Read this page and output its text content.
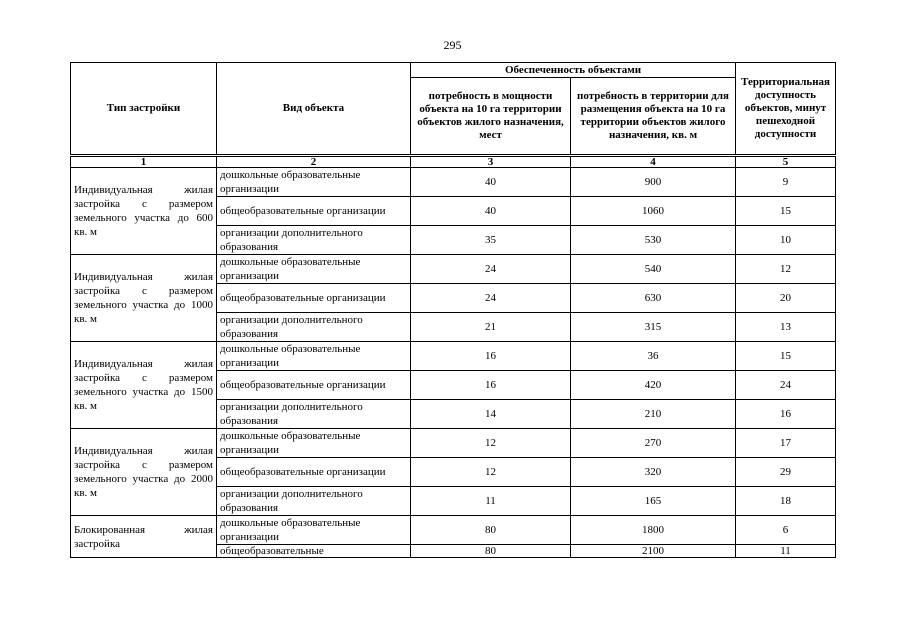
295
Тип застройки	Вид объекта	Обеспеченность объектами		Территориальная доступность объектов, минут пешеходной доступности
		потребность в мощности объекта на 10 га территории объектов жилого назначения, мест	потребность в территории для размещения объекта на 10 га территории объектов жилого назначения, кв. м	
1	2	3	4	5
Индивидуальная жилая застройка с размером земельного участка до 600 кв. м	дошкольные образовательные организации	40	900	9
	общеобразовательные организации	40	1060	15
	организации дополнительного образования	35	530	10
Индивидуальная жилая застройка с размером земельного участка до 1000 кв. м	дошкольные образовательные организации	24	540	12
	общеобразовательные организации	24	630	20
	организации дополнительного образования	21	315	13
Индивидуальная жилая застройка с размером земельного участка до 1500 кв. м	дошкольные образовательные организации	16	36	15
	общеобразовательные организации	16	420	24
	организации дополнительного образования	14	210	16
Индивидуальная жилая застройка с размером земельного участка до 2000 кв. м	дошкольные образовательные организации	12	270	17
	общеобразовательные организации	12	320	29
	организации дополнительного образования	11	165	18
Блокированная жилая застройка	дошкольные образовательные организации	80	1800	6
	общеобразовательные	80	2100	11
